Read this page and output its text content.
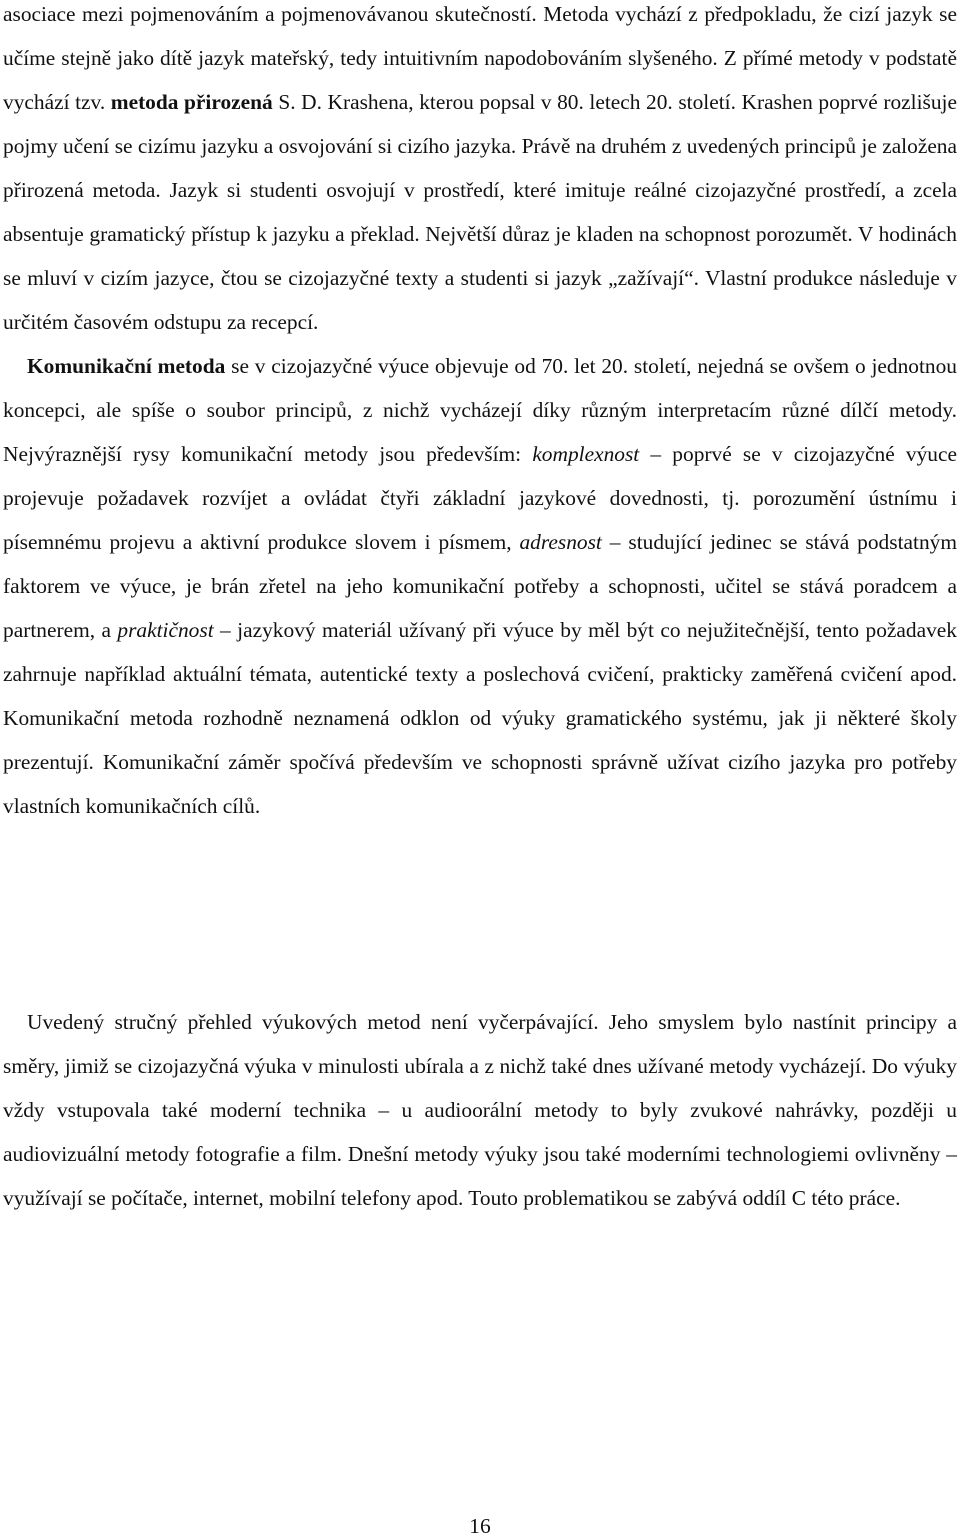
asociace mezi pojmenováním a pojmenovávanou skutečností. Metoda vychází z předpokladu, že cizí jazyk se učíme stejně jako dítě jazyk mateřský, tedy intuitivním napodobováním slyšeného. Z přímé metody v podstatě vychází tzv. metoda přirozená S. D. Krashena, kterou popsal v 80. letech 20. století. Krashen poprvé rozlišuje pojmy učení se cizímu jazyku a osvojování si cizího jazyka. Právě na druhém z uvedených principů je založena přirozená metoda. Jazyk si studenti osvojují v prostředí, které imituje reálné cizojazyčné prostředí, a zcela absentuje gramatický přístup k jazyku a překlad. Největší důraz je kladen na schopnost porozumět. V hodinách se mluví v cizím jazyce, čtou se cizojazyčné texty a studenti si jazyk „zažívají“. Vlastní produkce následuje v určitém časovém odstupu za recepcí.
Komunikační metoda se v cizojazyčné výuce objevuje od 70. let 20. století, nejedná se ovšem o jednotnou koncepci, ale spíše o soubor principů, z nichž vycházejí díky různým interpretacím různé dílčí metody. Nejvýraznější rysy komunikační metody jsou především: komplexnost – poprvé se v cizojazyčné výuce projevuje požadavek rozvíjet a ovládat čtyři základní jazykové dovednosti, tj. porozumění ústnímu i písemnému projevu a aktivní produkce slovem i písmem, adresnost – studující jedinec se stává podstatným faktorem ve výuce, je brán zřetel na jeho komunikační potřeby a schopnosti, učitel se stává poradcem a partnerem, a praktičnost – jazykový materiál užívaný při výuce by měl být co nejužitečnější, tento požadavek zahrnuje například aktuální témata, autentické texty a poslechová cvičení, prakticky zaměřená cvičení apod. Komunikační metoda rozhodně neznamená odklon od výuky gramatického systému, jak ji některé školy prezentují. Komunikační záměr spočívá především ve schopnosti správně užívat cizího jazyka pro potřeby vlastních komunikačních cílů.

Uvedený stručný přehled výukových metod není vyčerpávající. Jeho smyslem bylo nastínit principy a směry, jimiž se cizojazyčná výuka v minulosti ubírala a z nichž také dnes užívané metody vycházejí. Do výuky vždy vstupovala také moderní technika – u audioorální metody to byly zvukové nahrávky, později u audiovizuální metody fotografie a film. Dnešní metody výuky jsou také moderními technologiemi ovlivněny – využívají se počítače, internet, mobilní telefony apod. Touto problematikou se zabývá oddíl C této práce.

16
